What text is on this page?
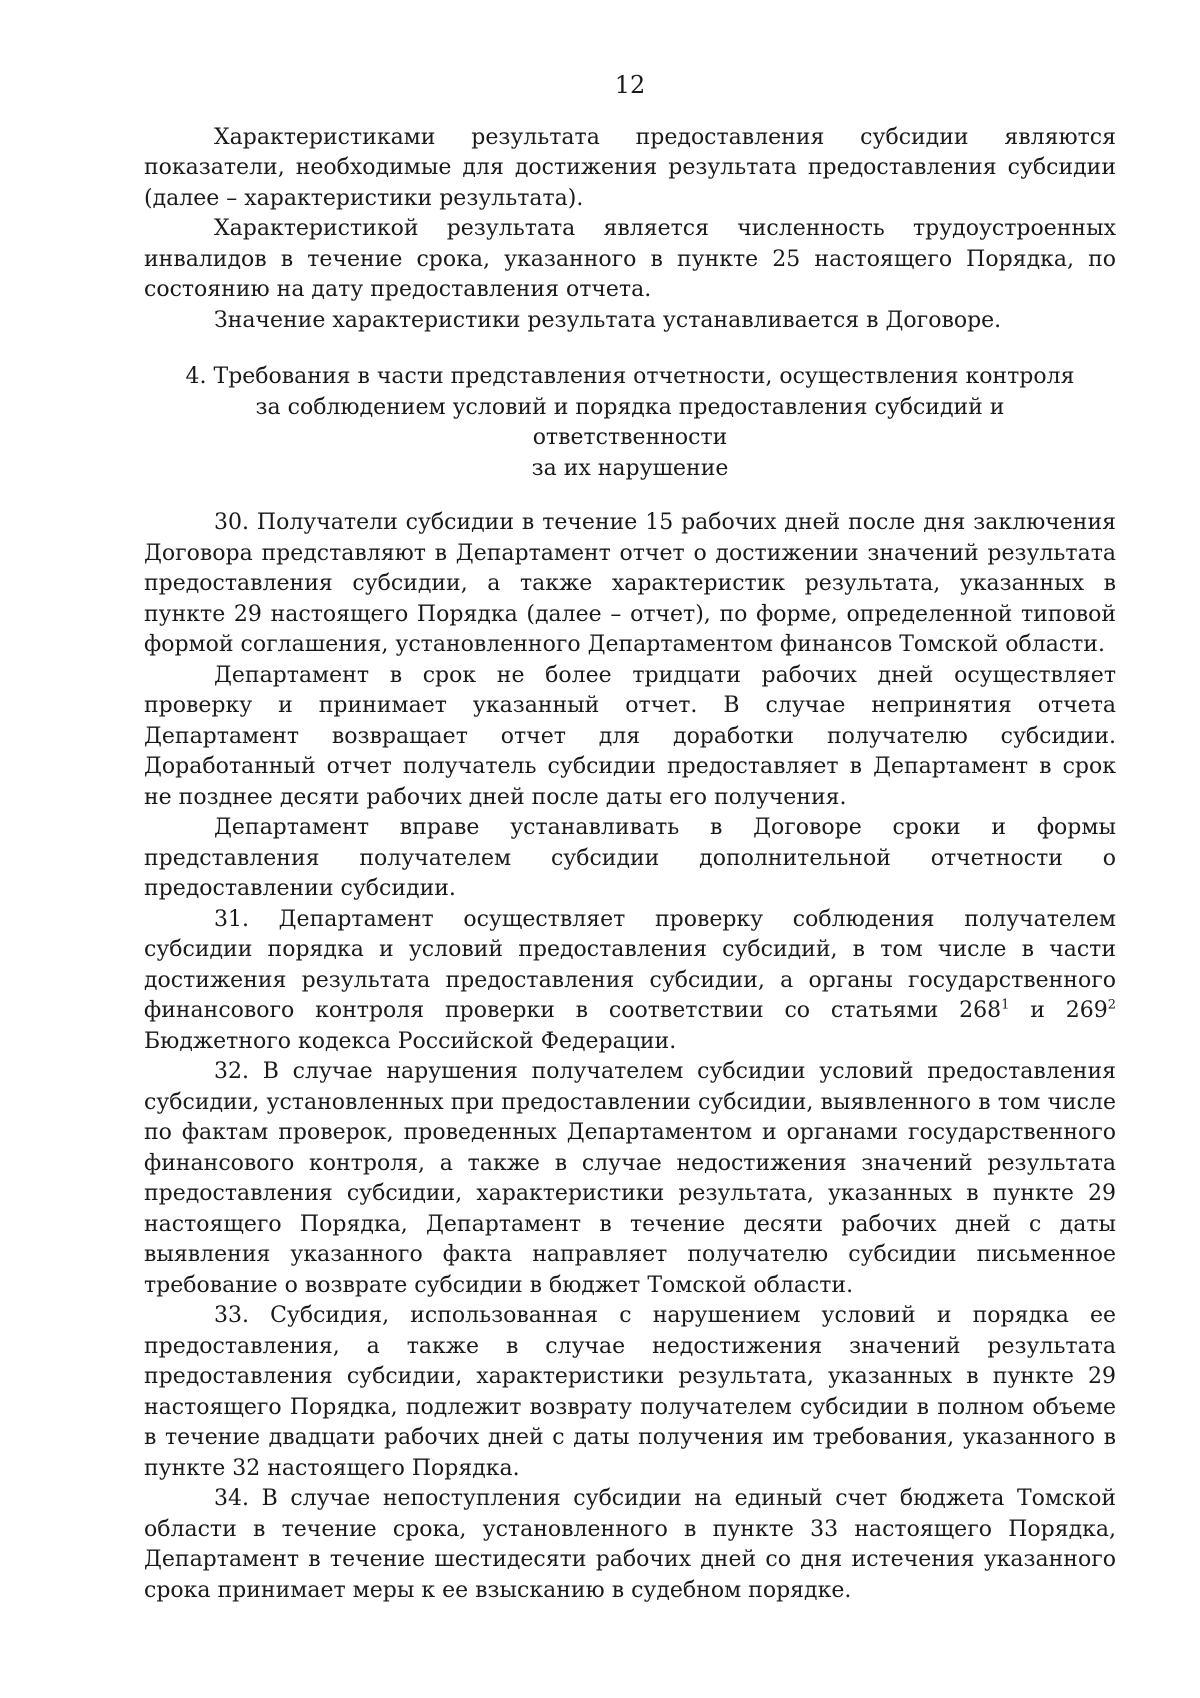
12

Характеристиками результата предоставления субсидии являются показатели, необходимые для достижения результата предоставления субсидии (далее – характеристики результата).

Характеристикой результата является численность трудоустроенных инвалидов в течение срока, указанного в пункте 25 настоящего Порядка, по состоянию на дату предоставления отчета.

Значение характеристики результата устанавливается в Договоре.

4. Требования в части представления отчетности, осуществления контроля
за соблюдением условий и порядка предоставления субсидий и ответственности
за их нарушение

30. Получатели субсидии в течение 15 рабочих дней после дня заключения Договора представляют в Департамент отчет о достижении значений результата предоставления субсидии, а также характеристик результата, указанных в пункте 29 настоящего Порядка (далее – отчет), по форме, определенной типовой формой соглашения, установленного Департаментом финансов Томской области.

Департамент в срок не более тридцати рабочих дней осуществляет проверку и принимает указанный отчет. В случае непринятия отчета Департамент возвращает отчет для доработки получателю субсидии. Доработанный отчет получатель субсидии предоставляет в Департамент в срок не позднее десяти рабочих дней после даты его получения.

Департамент вправе устанавливать в Договоре сроки и формы представления получателем субсидии дополнительной отчетности о предоставлении субсидии.

31. Департамент осуществляет проверку соблюдения получателем субсидии порядка и условий предоставления субсидий, в том числе в части достижения результата предоставления субсидии, а органы государственного финансового контроля проверки в соответствии со статьями $268^1$ и $269^2$ Бюджетного кодекса Российской Федерации.

32. В случае нарушения получателем субсидии условий предоставления субсидии, установленных при предоставлении субсидии, выявленного в том числе по фактам проверок, проведенных Департаментом и органами государственного финансового контроля, а также в случае недостижения значений результата предоставления субсидии, характеристики результата, указанных в пункте 29 настоящего Порядка, Департамент в течение десяти рабочих дней с даты выявления указанного факта направляет получателю субсидии письменное требование о возврате субсидии в бюджет Томской области.

33. Субсидия, использованная с нарушением условий и порядка ее предоставления, а также в случае недостижения значений результата предоставления субсидии, характеристики результата, указанных в пункте 29 настоящего Порядка, подлежит возврату получателем субсидии в полном объеме в течение двадцати рабочих дней с даты получения им требования, указанного в пункте 32 настоящего Порядка.

34. В случае непоступления субсидии на единый счет бюджета Томской области в течение срока, установленного в пункте 33 настоящего Порядка, Департамент в течение шестидесяти рабочих дней со дня истечения указанного срока принимает меры к ее взысканию в судебном порядке.
